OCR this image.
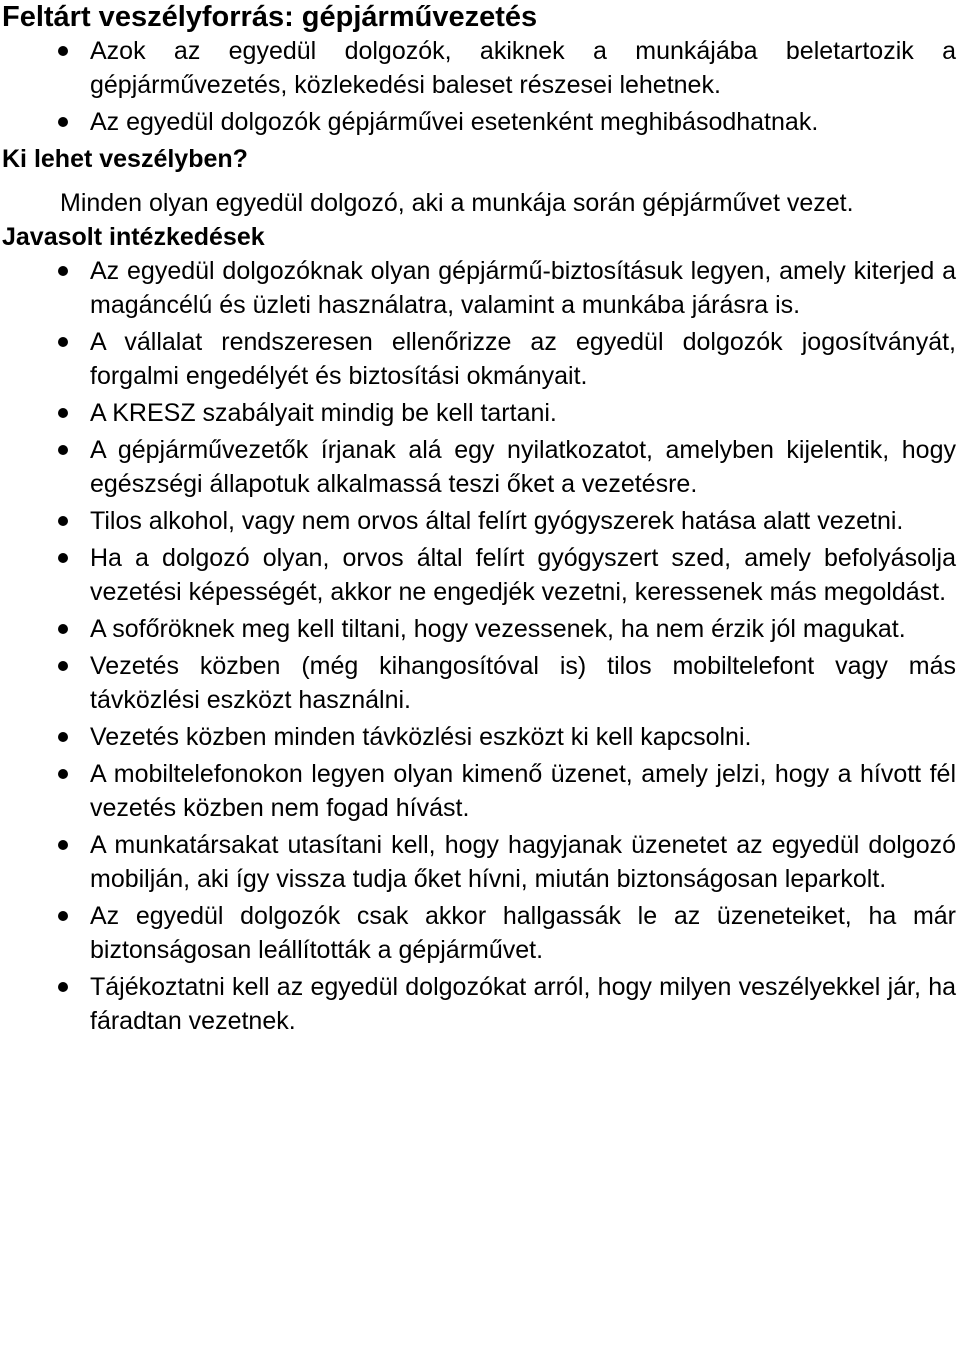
Feltárt veszélyforrás: gépjárművezetés
Azok az egyedül dolgozók, akiknek a munkájába beletartozik a gépjárművezetés, közlekedési baleset részesei lehetnek.
Az egyedül dolgozók gépjárművei esetenként meghibásodhatnak.
Ki lehet veszélyben?

Minden olyan egyedül dolgozó, aki a munkája során gépjárművet vezet.

Javasolt intézkedések
Az egyedül dolgozóknak olyan gépjármű-biztosításuk legyen, amely kiterjed a magáncélú és üzleti használatra, valamint a munkába járásra is.
A vállalat rendszeresen ellenőrizze az egyedül dolgozók jogosítványát, forgalmi engedélyét és biztosítási okmányait.
A KRESZ szabályait mindig be kell tartani.
A gépjárművezetők írjanak alá egy nyilatkozatot, amelyben kijelentik, hogy egészségi állapotuk alkalmassá teszi őket a vezetésre.
Tilos alkohol, vagy nem orvos által felírt gyógyszerek hatása alatt vezetni.
Ha a dolgozó olyan, orvos által felírt gyógyszert szed, amely befolyásolja vezetési képességét, akkor ne engedjék vezetni, keressenek más megoldást.
A sofőröknek meg kell tiltani, hogy vezessenek, ha nem érzik jól magukat.
Vezetés közben (még kihangosítóval is) tilos mobiltelefont vagy más távközlési eszközt használni.
Vezetés közben minden távközlési eszközt ki kell kapcsolni.
A mobiltelefonokon legyen olyan kimenő üzenet, amely jelzi, hogy a hívott fél vezetés közben nem fogad hívást.
A munkatársakat utasítani kell, hogy hagyjanak üzenetet az egyedül dolgozó mobilján, aki így vissza tudja őket hívni, miután biztonságosan leparkolt.
Az egyedül dolgozók csak akkor hallgassák le az üzeneteiket, ha már biztonságosan leállították a gépjárművet.
Tájékoztatni kell az egyedül dolgozókat arról, hogy milyen veszélyekkel jár, ha fáradtan vezetnek.
